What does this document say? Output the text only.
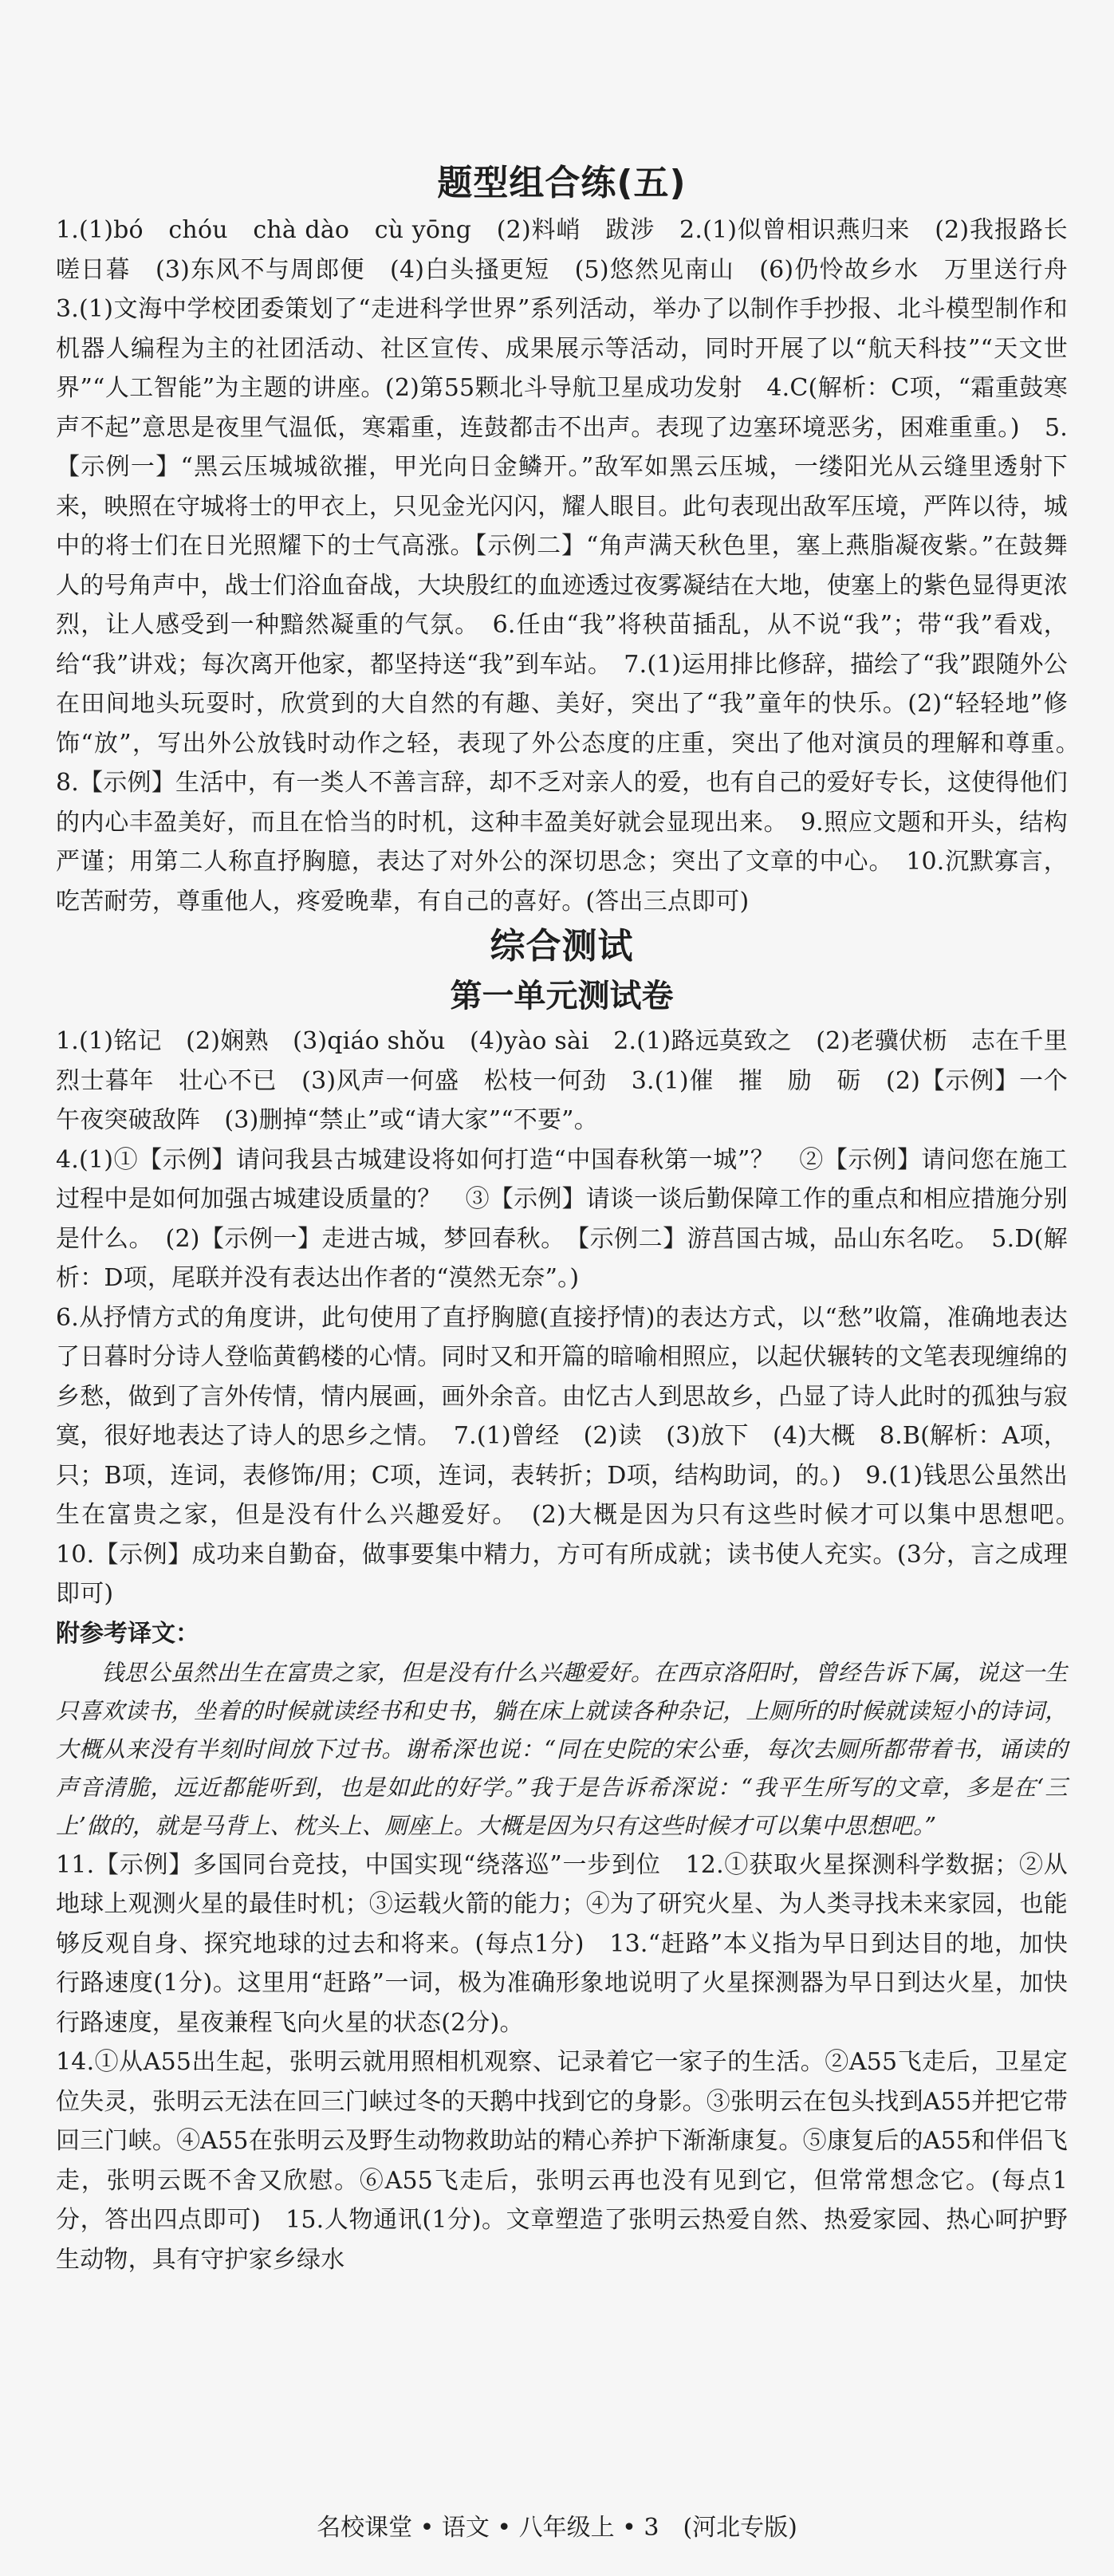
题型组合练(五)

1.(1)bó　chóu　chà dào　cù yōng　(2)料峭　跋涉　2.(1)似曾相识燕归来　(2)我报路长嗟日暮　(3)东风不与周郎便　(4)白头搔更短　(5)悠然见南山　(6)仍怜故乡水　万里送行舟　3.(1)文海中学校团委策划了“走进科学世界”系列活动，举办了以制作手抄报、北斗模型制作和机器人编程为主的社团活动、社区宣传、成果展示等活动，同时开展了以“航天科技”“天文世界”“人工智能”为主题的讲座。(2)第55颗北斗导航卫星成功发射　4.C(解析：C项，“霜重鼓寒声不起”意思是夜里气温低，寒霜重，连鼓都击不出声。表现了边塞环境恶劣，困难重重。)　5.【示例一】“黑云压城城欲摧，甲光向日金鳞开。”敌军如黑云压城，一缕阳光从云缝里透射下来，映照在守城将士的甲衣上，只见金光闪闪，耀人眼目。此句表现出敌军压境，严阵以待，城中的将士们在日光照耀下的士气高涨。【示例二】“角声满天秋色里，塞上燕脂凝夜紫。”在鼓舞人的号角声中，战士们浴血奋战，大块殷红的血迹透过夜雾凝结在大地，使塞上的紫色显得更浓烈，让人感受到一种黯然凝重的气氛。　6.任由“我”将秧苗插乱，从不说“我”；带“我”看戏，给“我”讲戏；每次离开他家，都坚持送“我”到车站。　7.(1)运用排比修辞，描绘了“我”跟随外公在田间地头玩耍时，欣赏到的大自然的有趣、美好，突出了“我”童年的快乐。(2)“轻轻地”修饰“放”，写出外公放钱时动作之轻，表现了外公态度的庄重，突出了他对演员的理解和尊重。　8.【示例】生活中，有一类人不善言辞，却不乏对亲人的爱，也有自己的爱好专长，这使得他们的内心丰盈美好，而且在恰当的时机，这种丰盈美好就会显现出来。　9.照应文题和开头，结构严谨；用第二人称直抒胸臆，表达了对外公的深切思念；突出了文章的中心。　10.沉默寡言，吃苦耐劳，尊重他人，疼爱晚辈，有自己的喜好。(答出三点即可)

综合测试
第一单元测试卷

1.(1)铭记　(2)娴熟　(3)qiáo shǒu　(4)yào sài　2.(1)路远莫致之　(2)老骥伏枥　志在千里　烈士暮年　壮心不已　(3)风声一何盛　松枝一何劲　3.(1)催　摧　励　砺　(2)【示例】一个午夜突破敌阵　(3)删掉“禁止”或“请大家”“不要”。

4.(1)①【示例】请问我县古城建设将如何打造“中国春秋第一城”？　②【示例】请问您在施工过程中是如何加强古城建设质量的？　③【示例】请谈一谈后勤保障工作的重点和相应措施分别是什么。　(2)【示例一】走进古城，梦回春秋。　【示例二】游莒国古城，品山东名吃。　5.D(解析：D项，尾联并没有表达出作者的“漠然无奈”。)

6.从抒情方式的角度讲，此句使用了直抒胸臆(直接抒情)的表达方式，以“愁”收篇，准确地表达了日暮时分诗人登临黄鹤楼的心情。同时又和开篇的暗喻相照应，以起伏辗转的文笔表现缠绵的乡愁，做到了言外传情，情内展画，画外余音。由忆古人到思故乡，凸显了诗人此时的孤独与寂寞，很好地表达了诗人的思乡之情。　7.(1)曾经　(2)读　(3)放下　(4)大概　8.B(解析：A项，只；B项，连词，表修饰/用；C项，连词，表转折；D项，结构助词，的。)　9.(1)钱思公虽然出生在富贵之家，但是没有什么兴趣爱好。　(2)大概是因为只有这些时候才可以集中思想吧。　10.【示例】成功来自勤奋，做事要集中精力，方可有所成就；读书使人充实。(3分，言之成理即可)

附参考译文：

钱思公虽然出生在富贵之家，但是没有什么兴趣爱好。在西京洛阳时，曾经告诉下属，说这一生只喜欢读书，坐着的时候就读经书和史书，躺在床上就读各种杂记，上厕所的时候就读短小的诗词，大概从来没有半刻时间放下过书。谢希深也说：“同在史院的宋公垂，每次去厕所都带着书，诵读的声音清脆，远近都能听到，也是如此的好学。”我于是告诉希深说：“我平生所写的文章，多是在‘三上’做的，就是马背上、枕头上、厕座上。大概是因为只有这些时候才可以集中思想吧。”

11.【示例】多国同台竞技，中国实现“绕落巡”一步到位　12.①获取火星探测科学数据；②从地球上观测火星的最佳时机；③运载火箭的能力；④为了研究火星、为人类寻找未来家园，也能够反观自身、探究地球的过去和将来。(每点1分)　13.“赶路”本义指为早日到达目的地，加快行路速度(1分)。这里用“赶路”一词，极为准确形象地说明了火星探测器为早日到达火星，加快行路速度，星夜兼程飞向火星的状态(2分)。

14.①从A55出生起，张明云就用照相机观察、记录着它一家子的生活。②A55飞走后，卫星定位失灵，张明云无法在回三门峡过冬的天鹅中找到它的身影。③张明云在包头找到A55并把它带回三门峡。④A55在张明云及野生动物救助站的精心养护下渐渐康复。⑤康复后的A55和伴侣飞走，张明云既不舍又欣慰。⑥A55飞走后，张明云再也没有见到它，但常常想念它。(每点1分，答出四点即可)　15.人物通讯(1分)。文章塑造了张明云热爱自然、热爱家园、热心呵护野生动物，具有守护家乡绿水

名校课堂 • 语文 • 八年级上 • 3　(河北专版)
